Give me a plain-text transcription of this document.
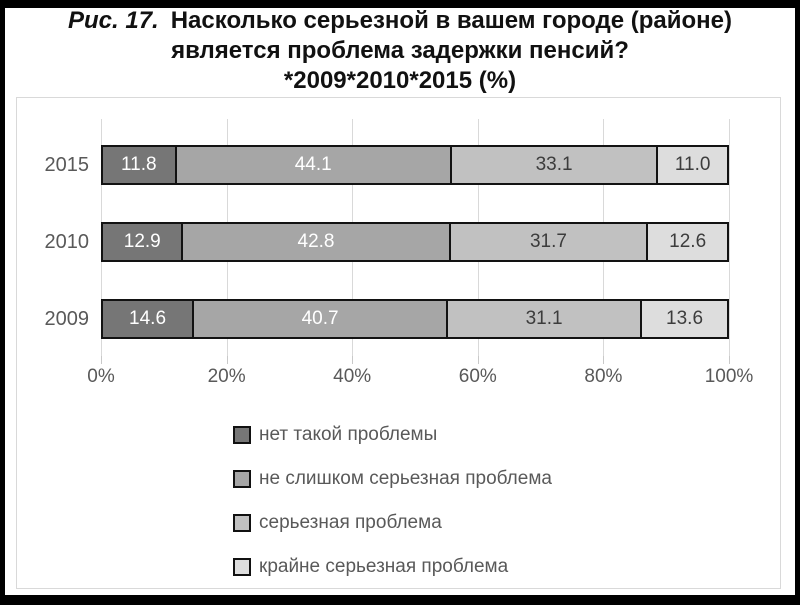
Рис. 17. Насколько серьезной в вашем городе (районе)
является проблема задержки пенсий?
*2009*2010*2015 (%)
2015
2010
2009
11.8	44.1	33.1	11.0
12.9	42.8	31.7	12.6
14.6	40.7	31.1	13.6
0%	20%	40%	60%	80%	100%
нет такой проблемы
не слишком серьезная проблема
серьезная проблема
крайне серьезная проблема
